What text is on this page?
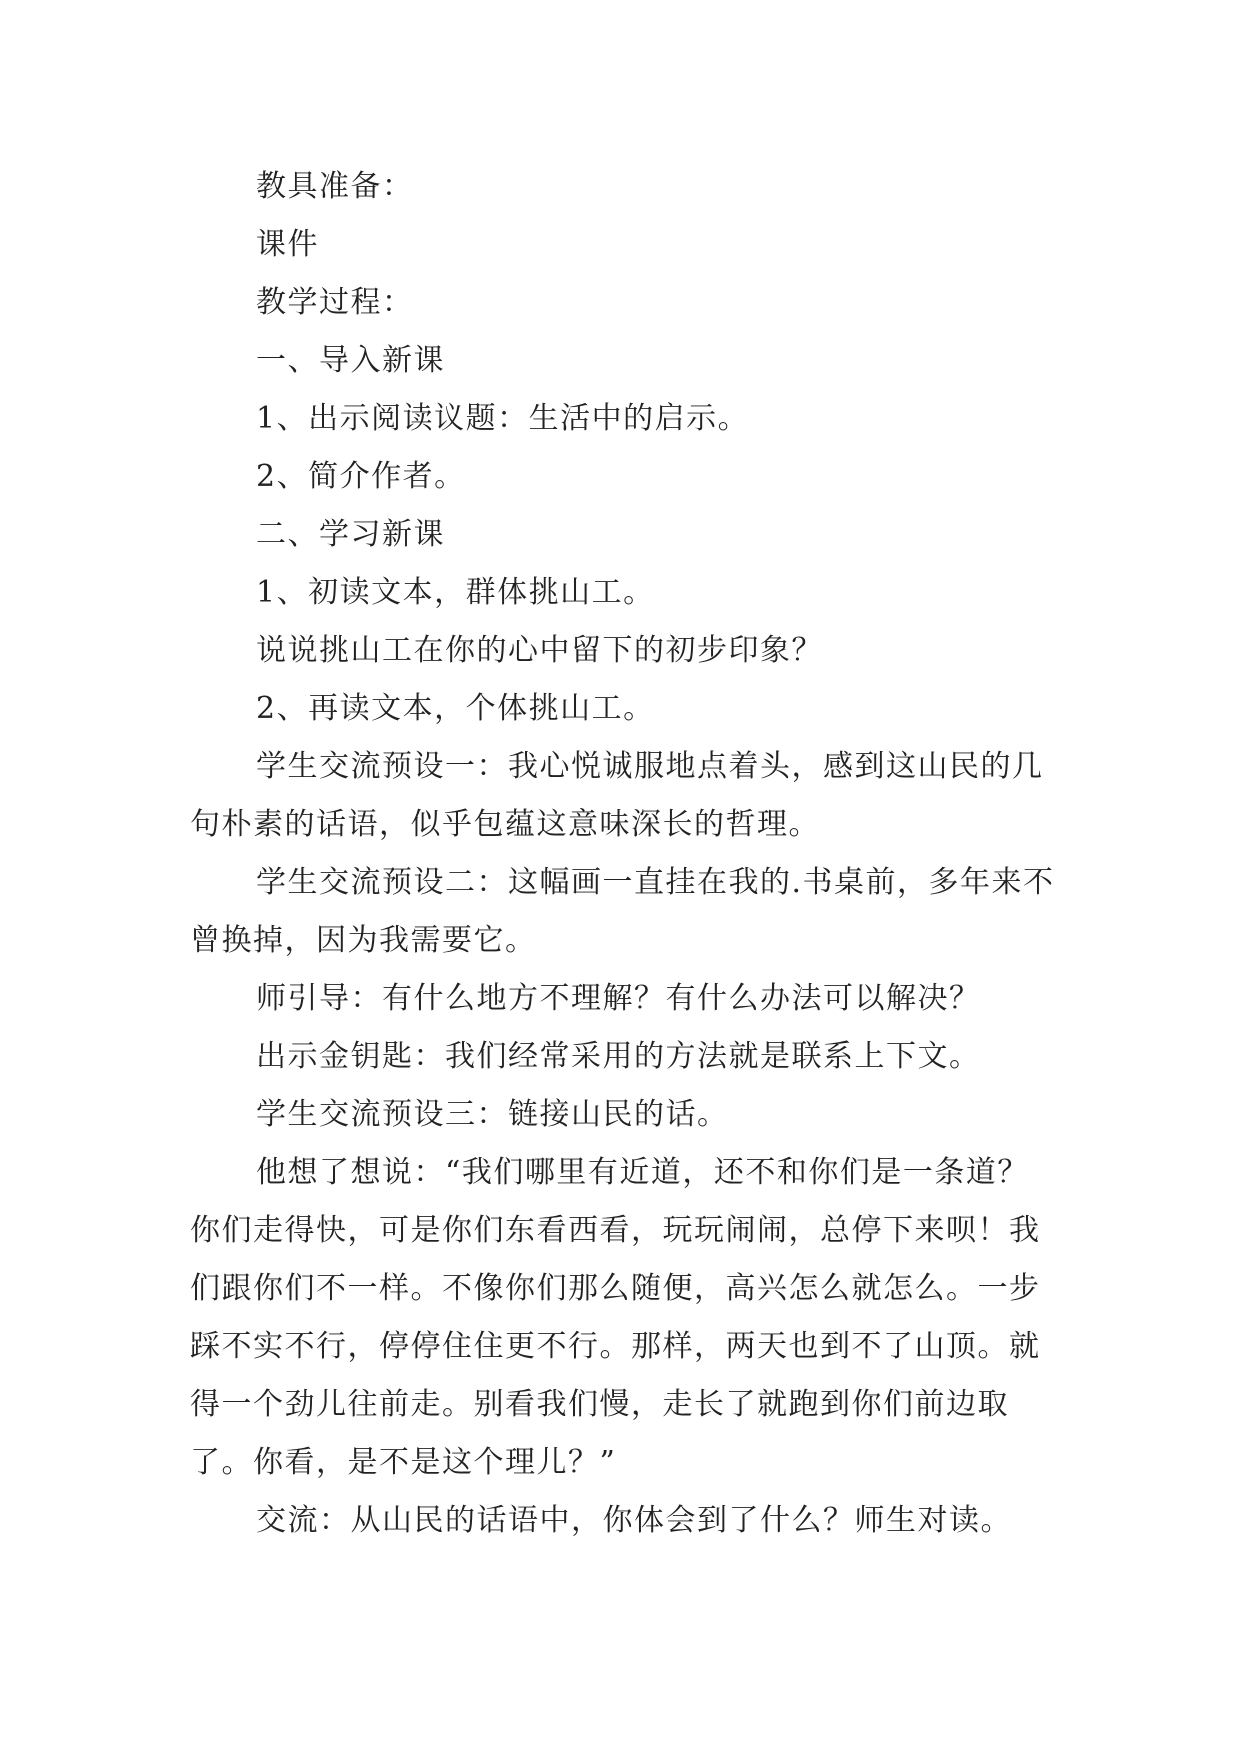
教具准备：

课件

教学过程：

一、导入新课

1、出示阅读议题：生活中的启示。

2、简介作者。

二、学习新课

1、初读文本，群体挑山工。

说说挑山工在你的心中留下的初步印象？

2、再读文本，个体挑山工。

学生交流预设一：我心悦诚服地点着头，感到这山民的几句朴素的话语，似乎包蕴这意味深长的哲理。

学生交流预设二：这幅画一直挂在我的.书桌前，多年来不曾换掉，因为我需要它。

师引导：有什么地方不理解？有什么办法可以解决？

出示金钥匙：我们经常采用的方法就是联系上下文。

学生交流预设三：链接山民的话。

他想了想说：“我们哪里有近道，还不和你们是一条道？你们走得快，可是你们东看西看，玩玩闹闹，总停下来呗！我们跟你们不一样。不像你们那么随便，高兴怎么就怎么。一步踩不实不行，停停住住更不行。那样，两天也到不了山顶。就得一个劲儿往前走。别看我们慢，走长了就跑到你们前边取了。你看，是不是这个理儿？”

交流：从山民的话语中，你体会到了什么？师生对读。
